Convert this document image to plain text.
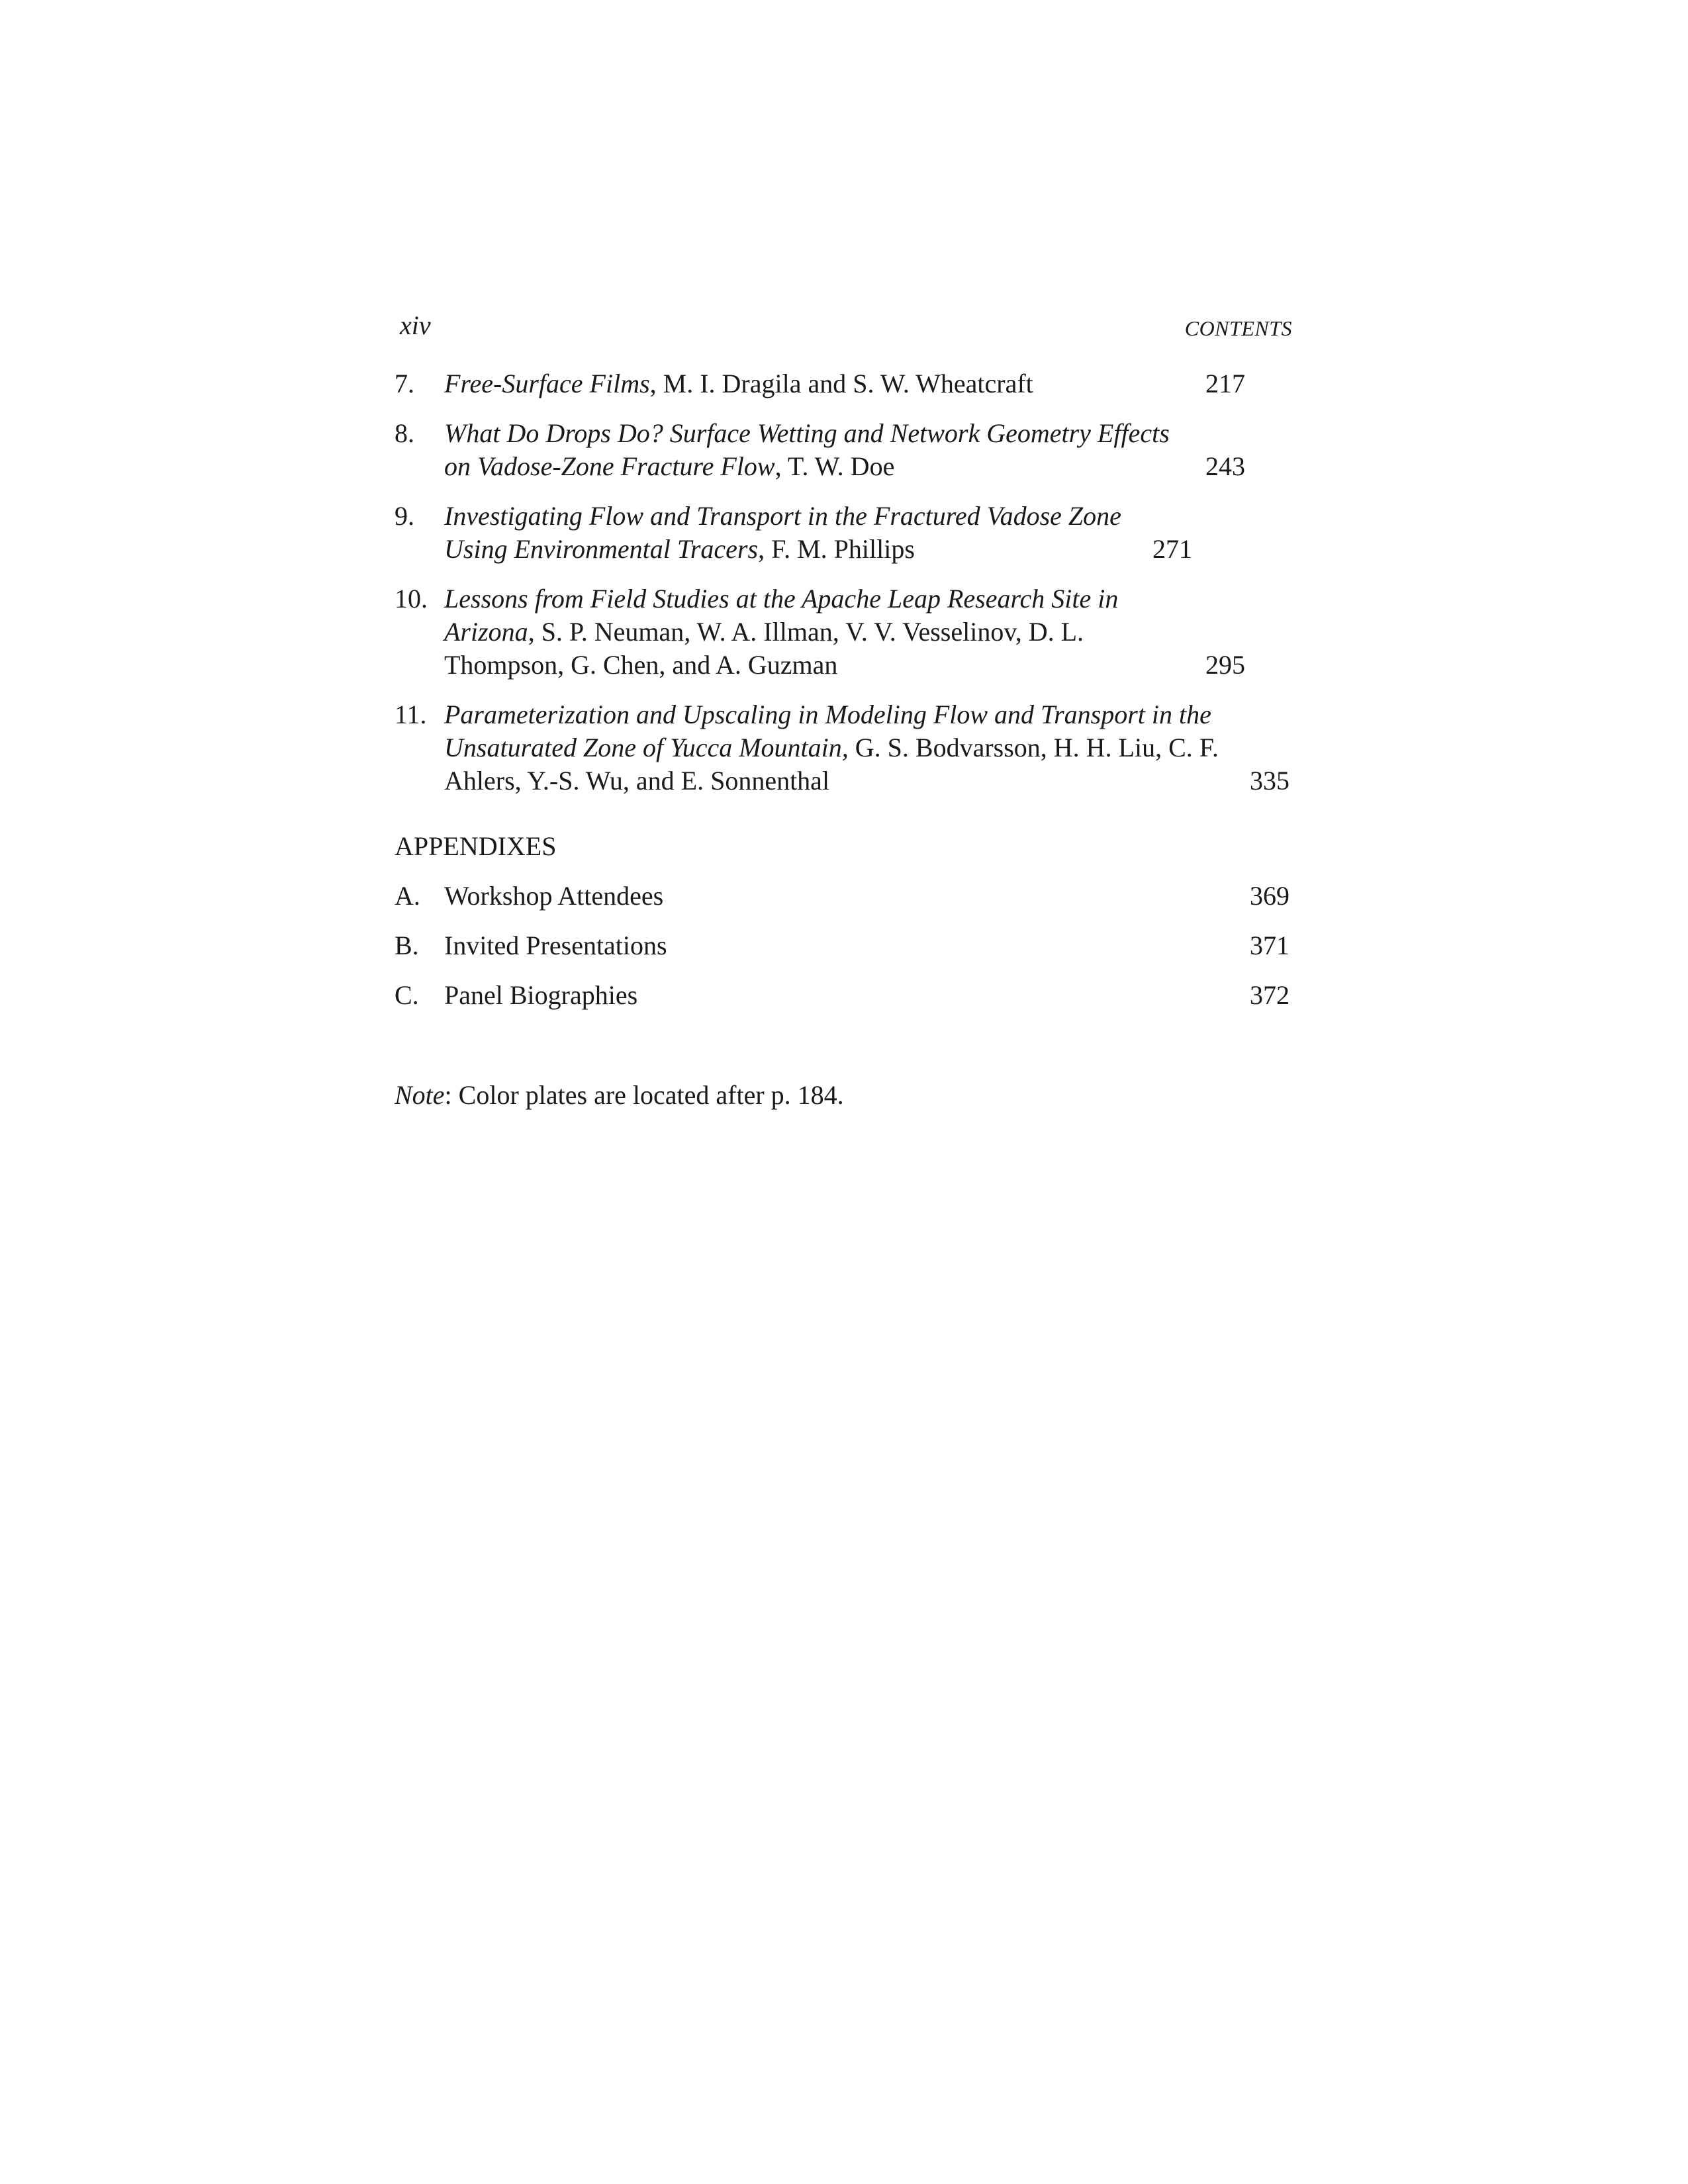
xiv	CONTENTS
7.	Free-Surface Films, M. I. Dragila and S. W. Wheatcraft	217
8.	What Do Drops Do? Surface Wetting and Network Geometry Effects on Vadose-Zone Fracture Flow, T. W. Doe	243
9.	Investigating Flow and Transport in the Fractured Vadose Zone Using Environmental Tracers, F. M. Phillips	271
10. Lessons from Field Studies at the Apache Leap Research Site in Arizona, S. P. Neuman, W. A. Illman, V. V. Vesselinov, D. L. Thompson, G. Chen, and A. Guzman	295
11. Parameterization and Upscaling in Modeling Flow and Transport in the Unsaturated Zone of Yucca Mountain, G. S. Bodvarsson, H. H. Liu, C. F. Ahlers, Y.-S. Wu, and E. Sonnenthal	335
APPENDIXES
A. Workshop Attendees	369
B. Invited Presentations	371
C. Panel Biographies	372
Note: Color plates are located after p. 184.
